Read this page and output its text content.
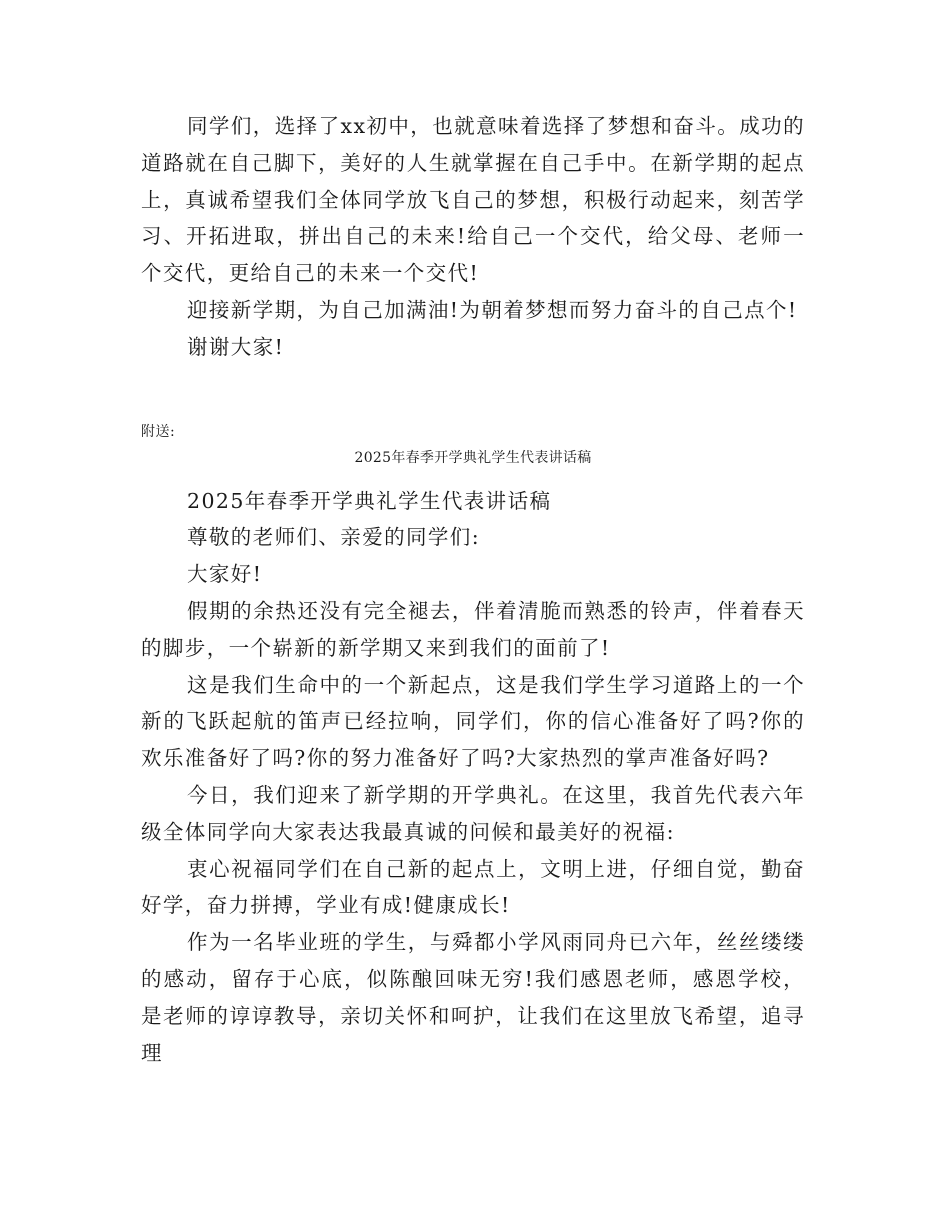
同学们，选择了xx初中，也就意味着选择了梦想和奋斗。成功的道路就在自己脚下，美好的人生就掌握在自己手中。在新学期的起点上，真诚希望我们全体同学放飞自己的梦想，积极行动起来，刻苦学习、开拓进取，拼出自己的未来!给自己一个交代，给父母、老师一个交代，更给自己的未来一个交代!

迎接新学期，为自己加满油!为朝着梦想而努力奋斗的自己点个!

谢谢大家!

附送:

2025年春季开学典礼学生代表讲话稿

2025年春季开学典礼学生代表讲话稿

尊敬的老师们、亲爱的同学们:

大家好!

假期的余热还没有完全褪去，伴着清脆而熟悉的铃声，伴着春天的脚步，一个崭新的新学期又来到我们的面前了!

这是我们生命中的一个新起点，这是我们学生学习道路上的一个新的飞跃起航的笛声已经拉响，同学们，你的信心准备好了吗?你的欢乐准备好了吗?你的努力准备好了吗?大家热烈的掌声准备好吗?

今日，我们迎来了新学期的开学典礼。在这里，我首先代表六年级全体同学向大家表达我最真诚的问候和最美好的祝福:

衷心祝福同学们在自己新的起点上，文明上进，仔细自觉，勤奋好学，奋力拼搏，学业有成!健康成长!

作为一名毕业班的学生，与舜都小学风雨同舟已六年，丝丝缕缕的感动，留存于心底，似陈酿回味无穷!我们感恩老师，感恩学校，是老师的谆谆教导，亲切关怀和呵护，让我们在这里放飞希望，追寻理
